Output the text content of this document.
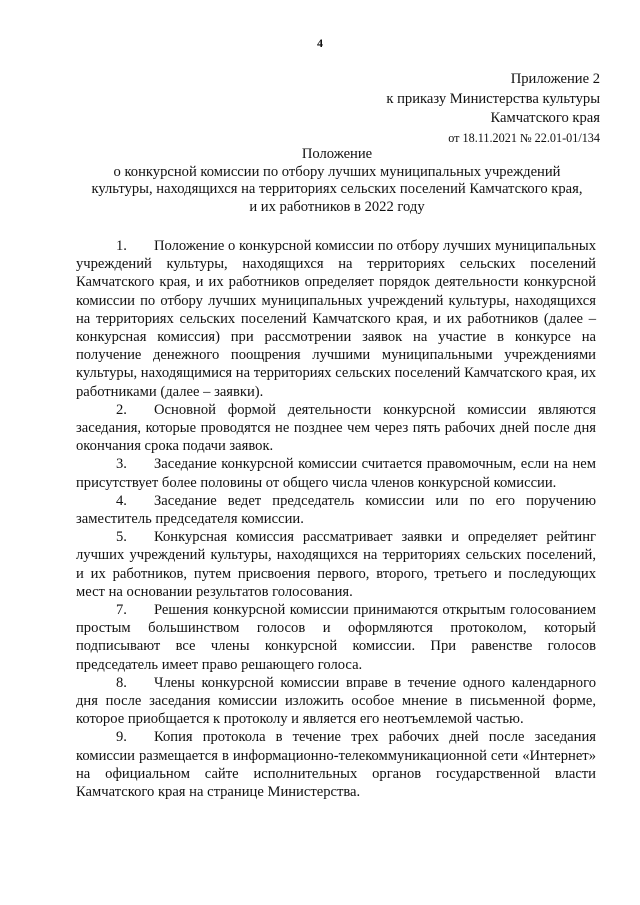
4
Приложение 2
к приказу Министерства культуры
Камчатского края
от 18.11.2021 № 22.01-01/134
Положение
о конкурсной комиссии по отбору лучших муниципальных учреждений
культуры, находящихся на территориях сельских поселений Камчатского края,
и их работников в 2022 году

1. Положение о конкурсной комиссии по отбору лучших муниципальных учреждений культуры, находящихся на территориях сельских поселений Камчатского края, и их работников определяет порядок деятельности конкурсной комиссии по отбору лучших муниципальных учреждений культуры, находящихся на территориях сельских поселений Камчатского края, и их работников (далее – конкурсная комиссия) при рассмотрении заявок на участие в конкурсе на получение денежного поощрения лучшими муниципальными учреждениями культуры, находящимися на территориях сельских поселений Камчатского края, их работниками (далее – заявки).

2. Основной формой деятельности конкурсной комиссии являются заседания, которые проводятся не позднее чем через пять рабочих дней после дня окончания срока подачи заявок.

3. Заседание конкурсной комиссии считается правомочным, если на нем присутствует более половины от общего числа членов конкурсной комиссии.

4. Заседание ведет председатель комиссии или по его поручению заместитель председателя комиссии.

5. Конкурсная комиссия рассматривает заявки и определяет рейтинг лучших учреждений культуры, находящихся на территориях сельских поселений, и их работников, путем присвоения первого, второго, третьего и последующих мест на основании результатов голосования.

7. Решения конкурсной комиссии принимаются открытым голосованием простым большинством голосов и оформляются протоколом, который подписывают все члены конкурсной комиссии. При равенстве голосов председатель имеет право решающего голоса.

8. Члены конкурсной комиссии вправе в течение одного календарного дня после заседания комиссии изложить особое мнение в письменной форме, которое приобщается к протоколу и является его неотъемлемой частью.

9. Копия протокола в течение трех рабочих дней после заседания комиссии размещается в информационно-телекоммуникационной сети «Интернет» на официальном сайте исполнительных органов государственной власти Камчатского края на странице Министерства.
